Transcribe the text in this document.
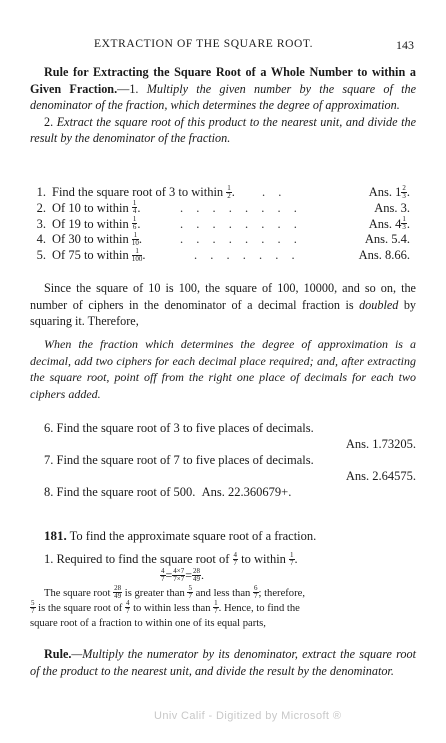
EXTRACTION OF THE SQUARE ROOT.	143

Rule for Extracting the Square Root of a Whole Number to within a Given Fraction.—1. Multiply the given number by the square of the denominator of the fraction, which determines the degree of approximation.

2. Extract the square root of this product to the nearest unit, and divide the result by the denominator of the fraction.

1. Find the square root of 3 to within $\frac{1}{2}$ . . .	Ans. $1 \frac{2}{3}$ .
2. Of 10 to within $\frac{1}{4}$ .	. . . . . . . .	Ans. 3.
3. Of 19 to within $\frac{1}{6}$ .	. . . . . . . .	Ans. $4 \frac{1}{3}$ .
4. Of 30 to within $\frac{1}{10}$ .	. . . . . . . .	Ans. 5.4.
5. Of 75 to within $\frac{1}{100}$ .	. . . . . . .	Ans. 8.66.

Since the square of 10 is 100, the square of 100, 10000, and so on, the number of ciphers in the denominator of a decimal fraction is doubled by squaring it. Therefore,

When the fraction which determines the degree of approximation is a decimal, add two ciphers for each decimal place required; and, after extracting the square root, point off from the right one place of decimals for each two ciphers added.

6. Find the square root of 3 to five places of decimals.
Ans. 1.73205.
7. Find the square root of 7 to five places of decimals.
Ans. 2.64575.
8. Find the square root of 500. Ans. 22.360679+.
181. To find the approximate square root of a fraction.
1. Required to find the square root of $\frac{4}{7}$ to within $\frac{1}{7}$ .
$\frac{4}{7} = \frac{4\times 7}{7\times 7} = \frac{28}{49}$ .
The square root $\frac{28}{49}$ is greater than $\frac{5}{7}$ and less than $\frac{6}{7}$ ; therefore,
$\frac{5}{7}$ is the square root of $\frac{4}{7}$ to within less than $\frac{1}{7}$ . Hence, to find the
square root of a fraction to within one of its equal parts,

Rule.—Multiply the numerator by its denominator, extract the square root of the product to the nearest unit, and divide the result by the denominator.

Univ Calif - Digitized by Microsoft ®
